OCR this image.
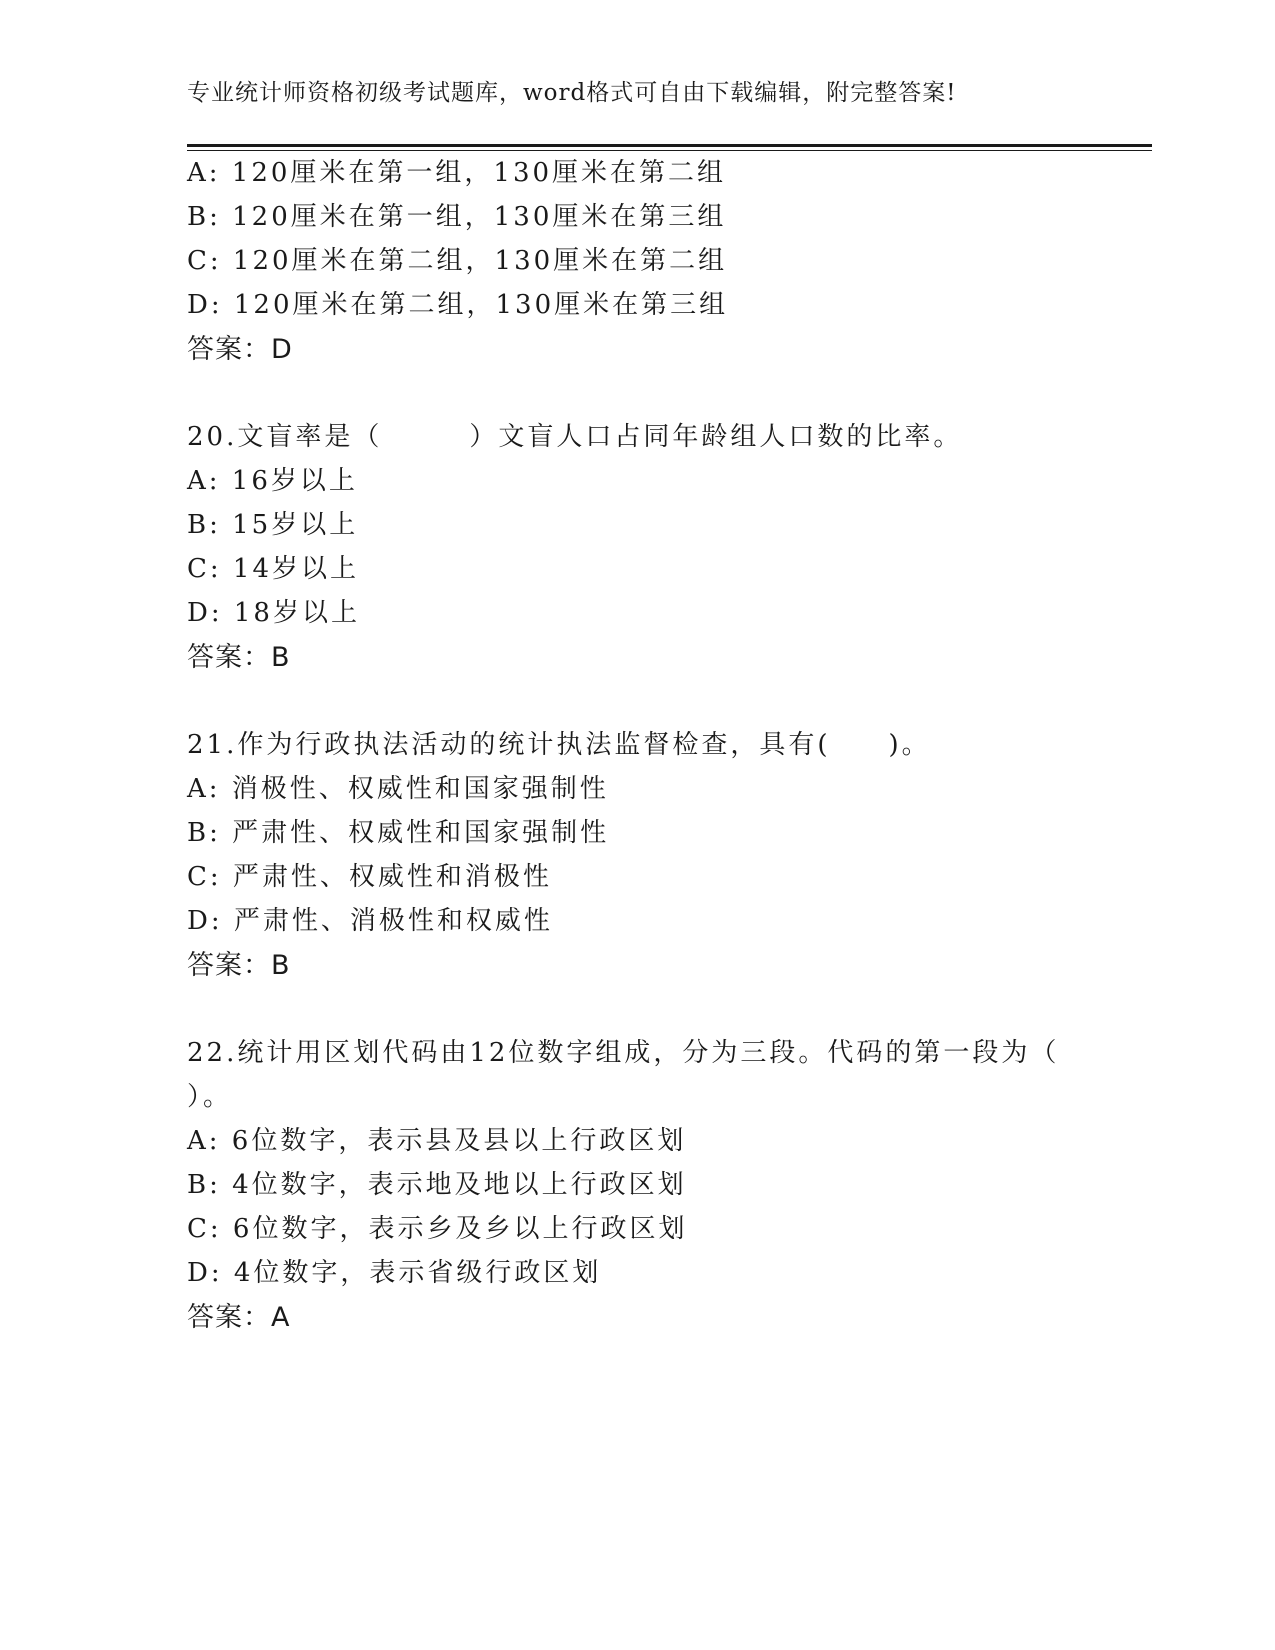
专业统计师资格初级考试题库，word格式可自由下载编辑，附完整答案!
A: 120厘米在第一组，130厘米在第二组
B: 120厘米在第一组，130厘米在第三组
C: 120厘米在第二组，130厘米在第二组
D: 120厘米在第二组，130厘米在第三组
答案：D
20.文盲率是（　　　）文盲人口占同年龄组人口数的比率。
A: 16岁以上
B: 15岁以上
C: 14岁以上
D: 18岁以上
答案：B
21.作为行政执法活动的统计执法监督检查，具有(　　)。
A: 消极性、权威性和国家强制性
B: 严肃性、权威性和国家强制性
C: 严肃性、权威性和消极性
D: 严肃性、消极性和权威性
答案：B
22.统计用区划代码由12位数字组成，分为三段。代码的第一段为（
）。
A: 6位数字，表示县及县以上行政区划
B: 4位数字，表示地及地以上行政区划
C: 6位数字，表示乡及乡以上行政区划
D: 4位数字，表示省级行政区划
答案：A
